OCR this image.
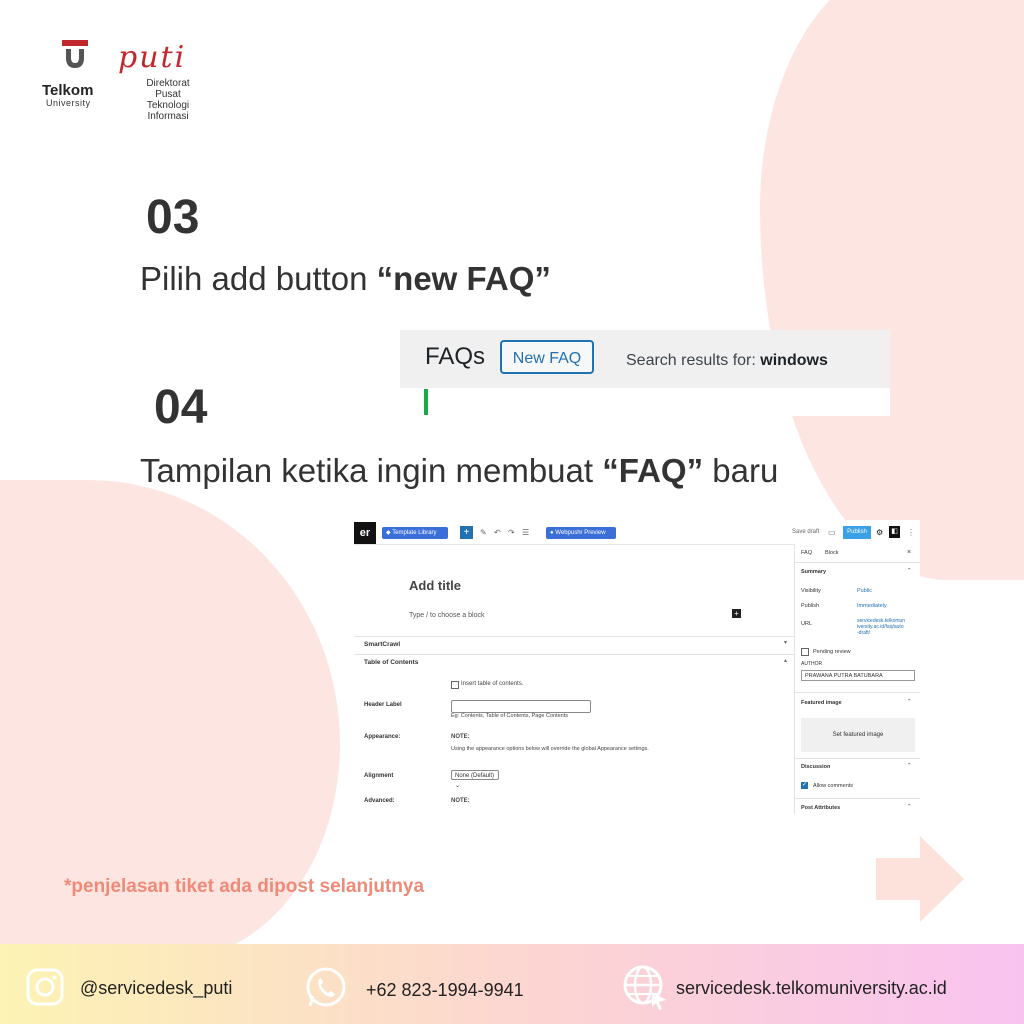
Telkom
University
puti
Direktorat
Pusat Teknologi
Informasi
03
Pilih add button “new FAQ”
FAQs	New FAQ	Search results for: windows
04
Tampilan ketika ingin membuat “FAQ” baru
er	◆ Template Library	+	✎ ↶ ↷ ☰	● Webpushr Preview	Save draft ▭	Publish	⚙	◧ ⋮
Add title
Type / to choose a block	+
SmartCrawl	▾
Table of Contents	▴
Insert table of contents.
Header Label
Eg: Contents, Table of Contents, Page Contents
Appearance:	NOTE:
Using the appearance options below will override the global Appearance settings.
Alignment	None (Default) ⌄
Advanced:	NOTE:
FAQ Block	×
Summary	⌃
Visibility	Public
Publish	Immediately
URL	servicedesk.telkomun
iversity.ac.id/faq/auto
-draft/
Pending review
AUTHOR
PRAWANA PUTRA BATUBARA
Featured image	⌃
Set featured image
Discussion	⌃
✓ Allow comments
Post Attributes	⌃
*penjelasan tiket ada dipost selanjutnya
@servicedesk_puti	+62 823-1994-9941	servicedesk.telkomuniversity.ac.id
